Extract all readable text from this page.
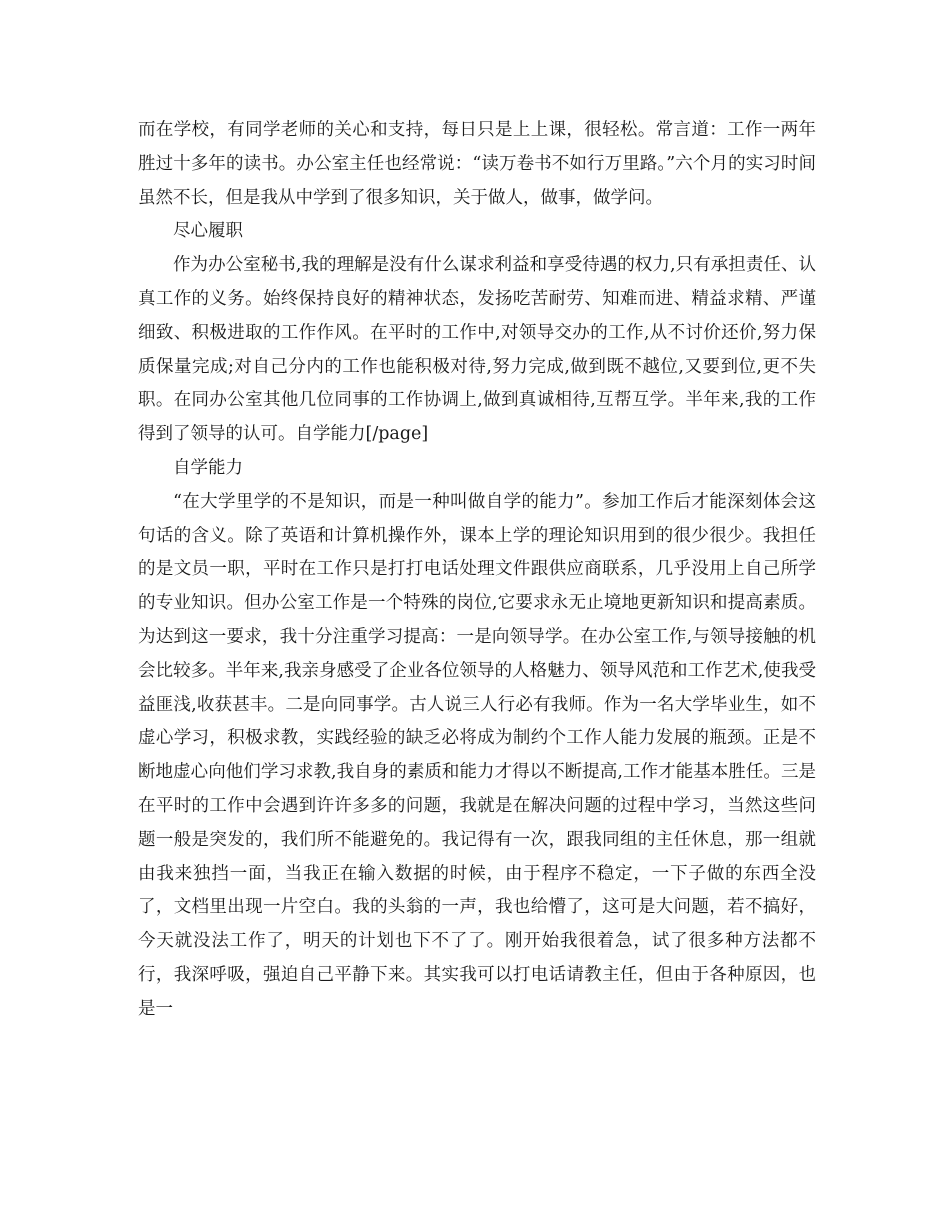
而在学校，有同学老师的关心和支持，每日只是上上课，很轻松。常言道：工作一两年胜过十多年的读书。办公室主任也经常说：“读万卷书不如行万里路。”六个月的实习时间虽然不长，但是我从中学到了很多知识，关于做人，做事，做学问。

尽心履职

作为办公室秘书,我的理解是没有什么谋求利益和享受待遇的权力,只有承担责任、认真工作的义务。始终保持良好的精神状态，发扬吃苦耐劳、知难而进、精益求精、严谨细致、积极进取的工作作风。在平时的工作中,对领导交办的工作,从不讨价还价,努力保质保量完成;对自己分内的工作也能积极对待,努力完成,做到既不越位,又要到位,更不失职。在同办公室其他几位同事的工作协调上,做到真诚相待,互帮互学。半年来,我的工作得到了领导的认可。自学能力[/page]

自学能力

“在大学里学的不是知识，而是一种叫做自学的能力”。参加工作后才能深刻体会这句话的含义。除了英语和计算机操作外，课本上学的理论知识用到的很少很少。我担任的是文员一职，平时在工作只是打打电话处理文件跟供应商联系，几乎没用上自己所学的专业知识。但办公室工作是一个特殊的岗位,它要求永无止境地更新知识和提高素质。为达到这一要求，我十分注重学习提高：一是向领导学。在办公室工作,与领导接触的机会比较多。半年来,我亲身感受了企业各位领导的人格魅力、领导风范和工作艺术,使我受益匪浅,收获甚丰。二是向同事学。古人说三人行必有我师。作为一名大学毕业生，如不虚心学习，积极求教，实践经验的缺乏必将成为制约个工作人能力发展的瓶颈。正是不断地虚心向他们学习求教,我自身的素质和能力才得以不断提高,工作才能基本胜任。三是在平时的工作中会遇到许许多多的问题，我就是在解决问题的过程中学习，当然这些问题一般是突发的，我们所不能避免的。我记得有一次，跟我同组的主任休息，那一组就由我来独挡一面，当我正在输入数据的时候，由于程序不稳定，一下子做的东西全没了，文档里出现一片空白。我的头翁的一声，我也给懵了，这可是大问题，若不搞好，今天就没法工作了，明天的计划也下不了了。刚开始我很着急，试了很多种方法都不行，我深呼吸，强迫自己平静下来。其实我可以打电话请教主任，但由于各种原因，也是一
